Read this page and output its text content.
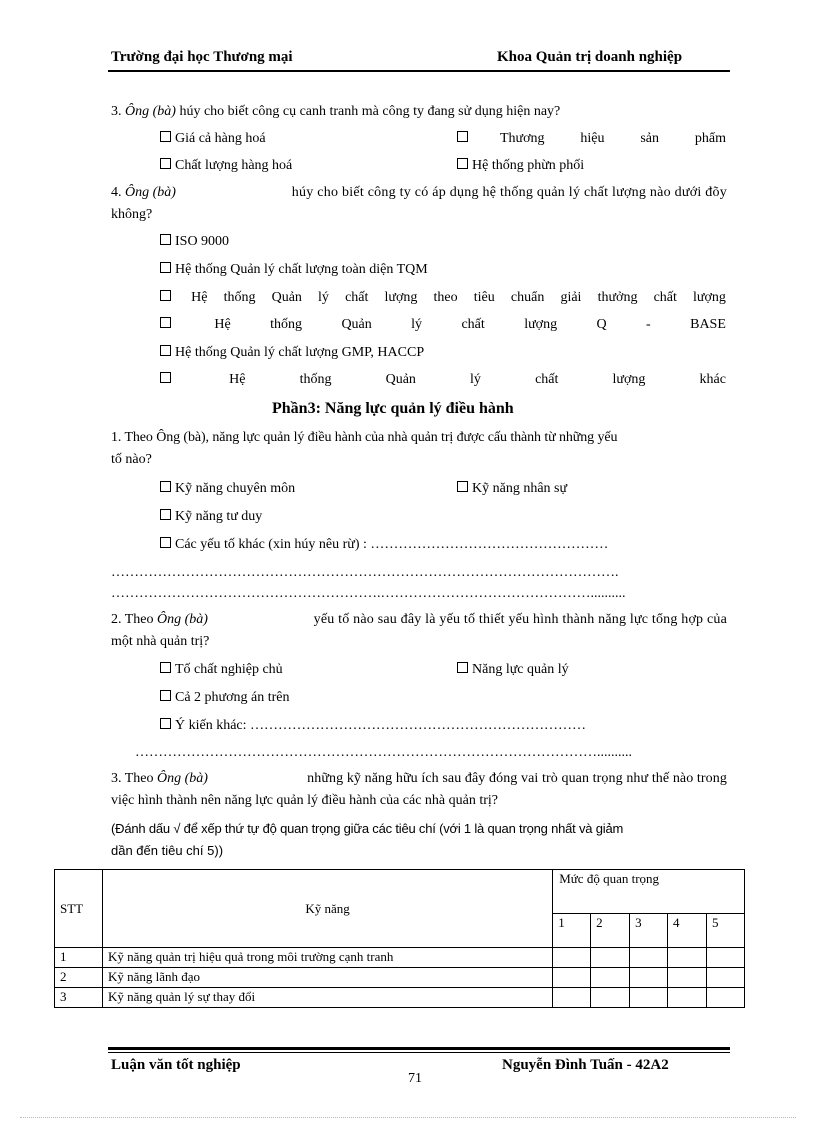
Trường đại học Thương mại	Khoa Quản trị doanh nghiệp
3. Ông (bà) húy cho biết công cụ canh tranh mà công ty đang sử dụng hiện nay?
Giá cả hàng hoá	Thương	hiệu	sản	phẩm
Chất lượng hàng hoá	Hệ thống phừn phối
4. Ông (bà)	húy cho biết công ty có áp dụng hệ thống quản lý chất lượng nào dưới đõy
không?
ISO 9000
Hệ thống Quản lý chất lượng toàn diện TQM
Hệ thống Quản lý chất lượng theo tiêu chuẩn giải thưởng chất lượng
Hệ	thống	Quản	lý	chất	lượng	Q	-	BASE
Hệ thống Quản lý chất lượng GMP, HACCP
Hệ	thống	Quản	lý	chất	lượng	khác
Phần3: Năng lực quản lý điều hành
1. Theo Ông (bà), năng lực quản lý điều hành của nhà quản trị được cấu thành từ những yếu
tố nào?
Kỹ năng chuyên môn	Kỹ năng nhân sự
Kỹ năng tư duy
Các yếu tố khác (xin húy nêu rừ) : ……………………………………………
……………………………………………………………………………………………….
………………………………………………….………………………………………..........
2. Theo Ông (bà)	yếu tố nào sau đây là yếu tố thiết yếu hình thành năng lực tổng hợp của
một nhà quản trị?
Tố chất nghiệp chủ	Năng lực quản lý
Cả 2 phương án trên
Ý kiến khác: ………………………………………………………………
………………………………………………………………………………………..........
3. Theo Ông (bà)	những kỹ năng hữu ích sau đây đóng vai trò quan trọng như thế nào trong
việc hình thành nên năng lực quản lý điều hành của các nhà quản trị?
(Đánh dấu √ để xếp thứ tự độ quan trọng giữa các tiêu chí (với 1 là quan trọng nhất và giảm
dần đến tiêu chí 5))
STT	Kỹ năng	Mức độ quan trọng				
		1	2	3	4	5
1	Kỹ năng quản trị hiệu quả trong môi trường cạnh tranh					
2	Kỹ năng lãnh đạo					
3	Kỹ năng quản lý sự thay đổi					
Luận văn tốt nghiệp	Nguyễn Đình Tuấn - 42A2
71
